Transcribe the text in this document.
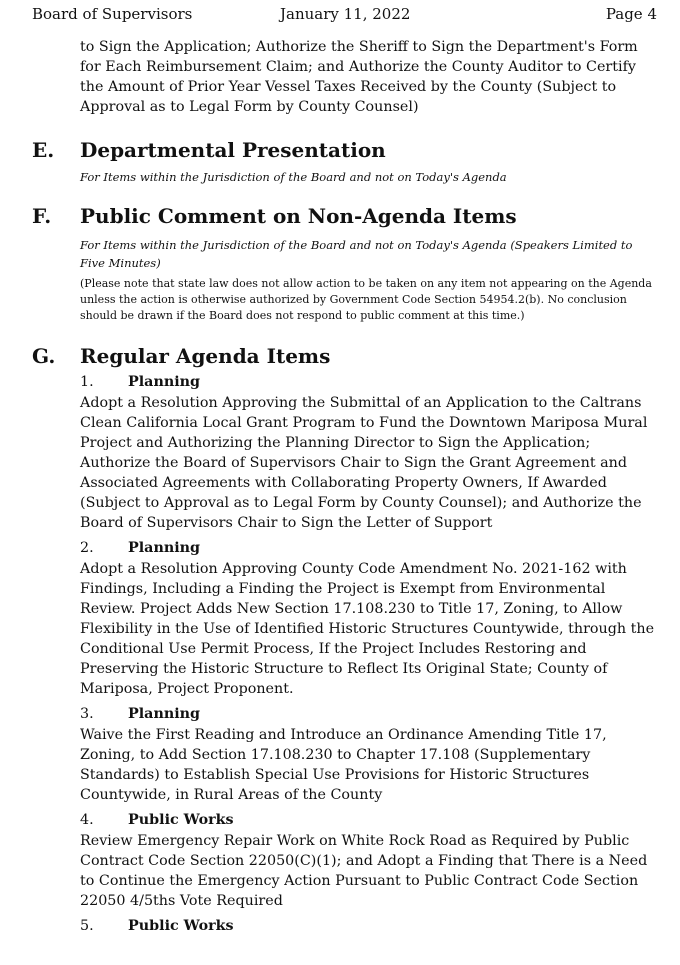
Board of Supervisors	January 11, 2022	Page 4
to Sign the Application; Authorize the Sheriff to Sign the Department's Form for Each Reimbursement Claim; and Authorize the County Auditor to Certify the Amount of Prior Year Vessel Taxes Received by the County (Subject to Approval as to Legal Form by County Counsel)
E. Departmental Presentation
For Items within the Jurisdiction of the Board and not on Today's Agenda
F. Public Comment on Non-Agenda Items
For Items within the Jurisdiction of the Board and not on Today's Agenda (Speakers Limited to Five Minutes)
(Please note that state law does not allow action to be taken on any item not appearing on the Agenda unless the action is otherwise authorized by Government Code Section 54954.2(b). No conclusion should be drawn if the Board does not respond to public comment at this time.)
G. Regular Agenda Items
1. Planning
Adopt a Resolution Approving the Submittal of an Application to the Caltrans Clean California Local Grant Program to Fund the Downtown Mariposa Mural Project and Authorizing the Planning Director to Sign the Application; Authorize the Board of Supervisors Chair to Sign the Grant Agreement and Associated Agreements with Collaborating Property Owners, If Awarded (Subject to Approval as to Legal Form by County Counsel); and Authorize the Board of Supervisors Chair to Sign the Letter of Support
2. Planning
Adopt a Resolution Approving County Code Amendment No. 2021-162 with Findings, Including a Finding the Project is Exempt from Environmental Review. Project Adds New Section 17.108.230 to Title 17, Zoning, to Allow Flexibility in the Use of Identified Historic Structures Countywide, through the Conditional Use Permit Process, If the Project Includes Restoring and Preserving the Historic Structure to Reflect Its Original State; County of Mariposa, Project Proponent.
3. Planning
Waive the First Reading and Introduce an Ordinance Amending Title 17, Zoning, to Add Section 17.108.230 to Chapter 17.108 (Supplementary Standards) to Establish Special Use Provisions for Historic Structures Countywide, in Rural Areas of the County
4. Public Works
Review Emergency Repair Work on White Rock Road as Required by Public Contract Code Section 22050(C)(1); and Adopt a Finding that There is a Need to Continue the Emergency Action Pursuant to Public Contract Code Section 22050 4/5ths Vote Required
5. Public Works
